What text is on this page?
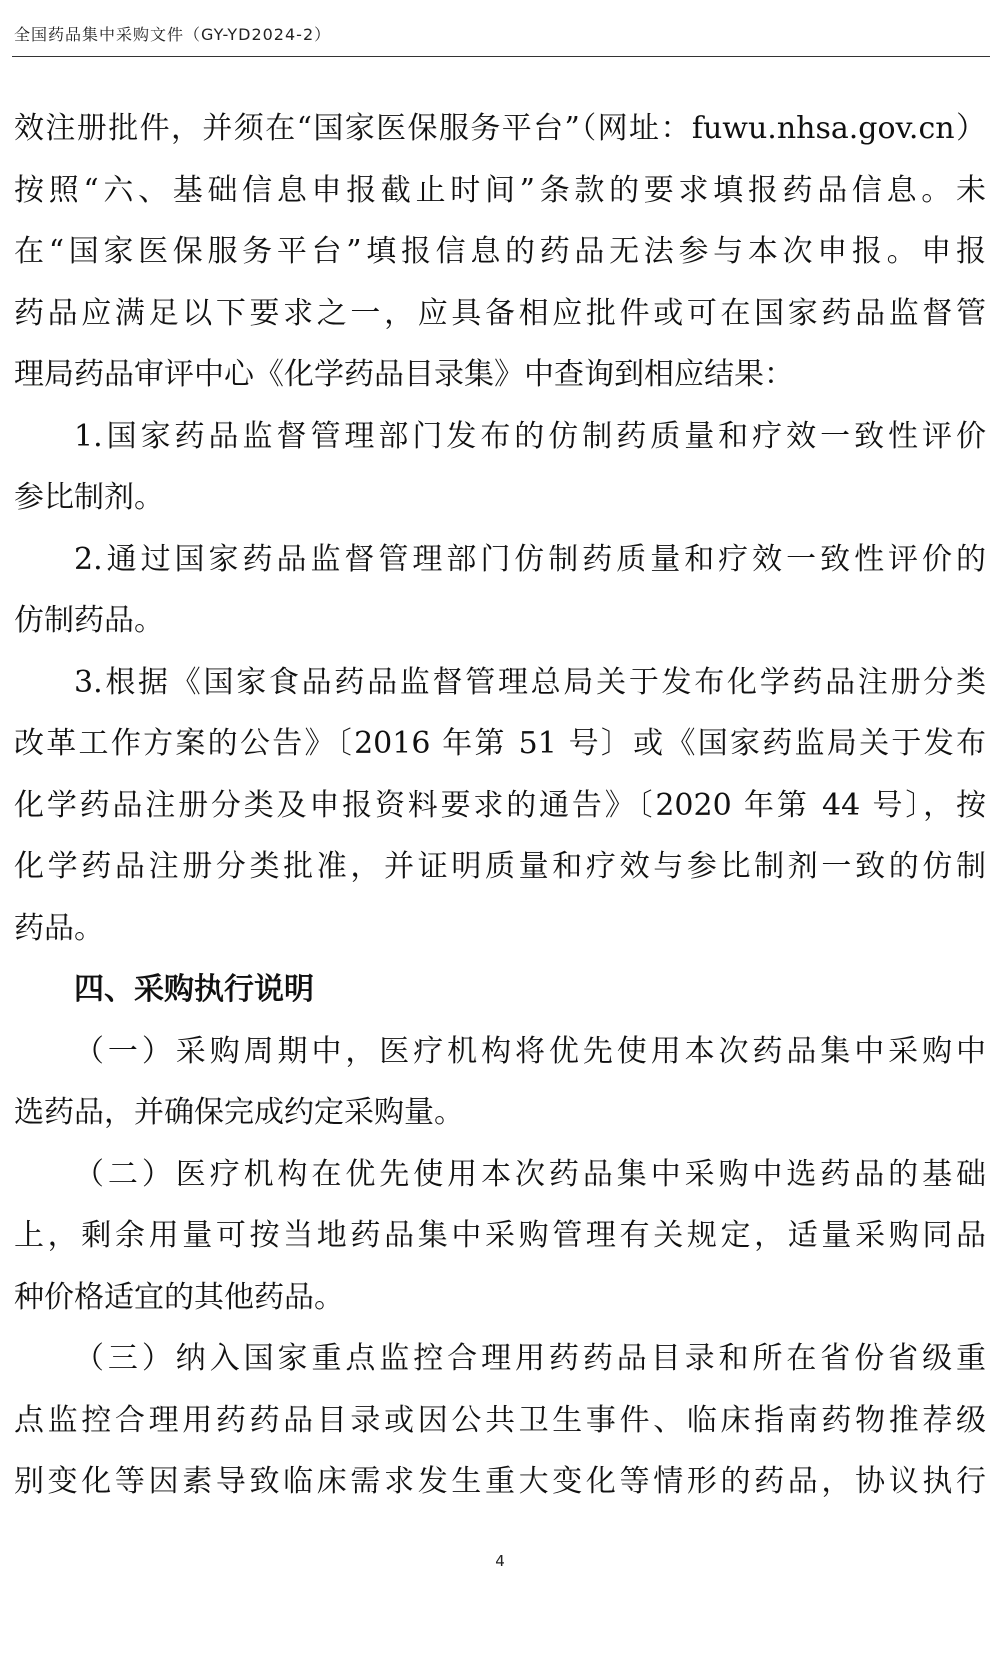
全国药品集中采购文件（GY-YD2024-2）
效注册批件，并须在“国家医保服务平台”（网址：fuwu.nhsa.gov.cn）
按照“六、基础信息申报截止时间”条款的要求填报药品信息。未
在“国家医保服务平台”填报信息的药品无法参与本次申报。申报
药品应满足以下要求之一，应具备相应批件或可在国家药品监督管
理局药品审评中心《化学药品目录集》中查询到相应结果：
1.国家药品监督管理部门发布的仿制药质量和疗效一致性评价
参比制剂。
2.通过国家药品监督管理部门仿制药质量和疗效一致性评价的
仿制药品。
3.根据《国家食品药品监督管理总局关于发布化学药品注册分类
改革工作方案的公告》〔2016 年第 51 号〕或《国家药监局关于发布
化学药品注册分类及申报资料要求的通告》〔2020 年第 44 号〕，按
化学药品注册分类批准，并证明质量和疗效与参比制剂一致的仿制
药品。
四、采购执行说明
（一）采购周期中，医疗机构将优先使用本次药品集中采购中
选药品，并确保完成约定采购量。
（二）医疗机构在优先使用本次药品集中采购中选药品的基础
上，剩余用量可按当地药品集中采购管理有关规定，适量采购同品
种价格适宜的其他药品。
（三）纳入国家重点监控合理用药药品目录和所在省份省级重
点监控合理用药药品目录或因公共卫生事件、临床指南药物推荐级
别变化等因素导致临床需求发生重大变化等情形的药品，协议执行
4
